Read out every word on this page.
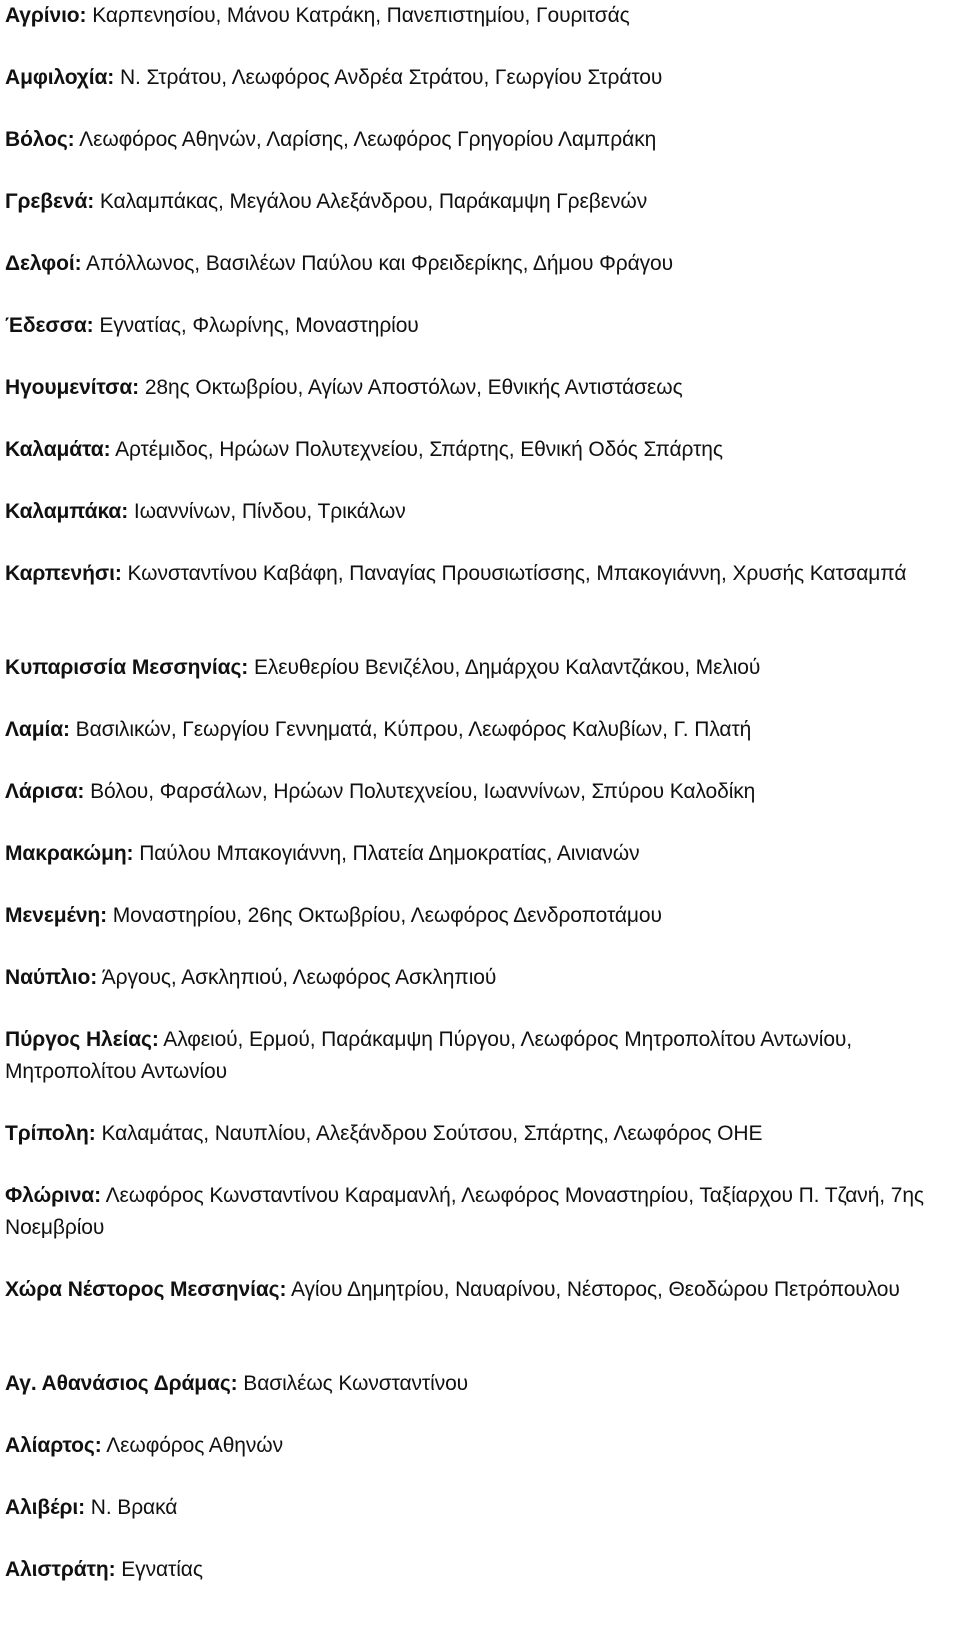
Αγρίνιο: Καρπενησίου, Μάνου Κατράκη, Πανεπιστημίου, Γουριτσάς

Αμφιλοχία: Ν. Στράτου, Λεωφόρος Ανδρέα Στράτου, Γεωργίου Στράτου

Βόλος: Λεωφόρος Αθηνών, Λαρίσης, Λεωφόρος Γρηγορίου Λαμπράκη

Γρεβενά: Καλαμπάκας, Μεγάλου Αλεξάνδρου, Παράκαμψη Γρεβενών

Δελφοί: Απόλλωνος, Βασιλέων Παύλου και Φρειδερίκης, Δήμου Φράγου

Έδεσσα: Εγνατίας, Φλωρίνης, Μοναστηρίου

Ηγουμενίτσα: 28ης Οκτωβρίου, Αγίων Αποστόλων, Εθνικής Αντιστάσεως

Καλαμάτα: Αρτέμιδος, Ηρώων Πολυτεχνείου, Σπάρτης, Εθνική Οδός Σπάρτης

Καλαμπάκα: Ιωαννίνων, Πίνδου, Τρικάλων

Καρπενήσι: Κωνσταντίνου Καβάφη, Παναγίας Προυσιωτίσσης, Μπακογιάννη, Χρυσής Κατσαμπά

Κυπαρισσία Μεσσηνίας: Ελευθερίου Βενιζέλου, Δημάρχου Καλαντζάκου, Μελιού

Λαμία: Βασιλικών, Γεωργίου Γεννηματά, Κύπρου, Λεωφόρος Καλυβίων, Γ. Πλατή

Λάρισα: Βόλου, Φαρσάλων, Ηρώων Πολυτεχνείου, Ιωαννίνων, Σπύρου Καλοδίκη

Μακρακώμη: Παύλου Μπακογιάννη, Πλατεία Δημοκρατίας, Αινιανών

Μενεμένη: Μοναστηρίου, 26ης Οκτωβρίου, Λεωφόρος Δενδροποτάμου

Ναύπλιο: Άργους, Ασκληπιού, Λεωφόρος Ασκληπιού

Πύργος Ηλείας: Αλφειού, Ερμού, Παράκαμψη Πύργου, Λεωφόρος Μητροπολίτου Αντωνίου, Μητροπολίτου Αντωνίου

Τρίπολη: Καλαμάτας, Ναυπλίου, Αλεξάνδρου Σούτσου, Σπάρτης, Λεωφόρος ΟΗΕ

Φλώρινα: Λεωφόρος Κωνσταντίνου Καραμανλή, Λεωφόρος Μοναστηρίου, Ταξίαρχου Π. Τζανή, 7ης Νοεμβρίου

Χώρα Νέστορος Μεσσηνίας: Αγίου Δημητρίου, Ναυαρίνου, Νέστορος, Θεοδώρου Πετρόπουλου

Αγ. Αθανάσιος Δράμας: Βασιλέως Κωνσταντίνου

Αλίαρτος: Λεωφόρος Αθηνών

Αλιβέρι: Ν. Βρακά

Αλιστράτη: Εγνατίας
